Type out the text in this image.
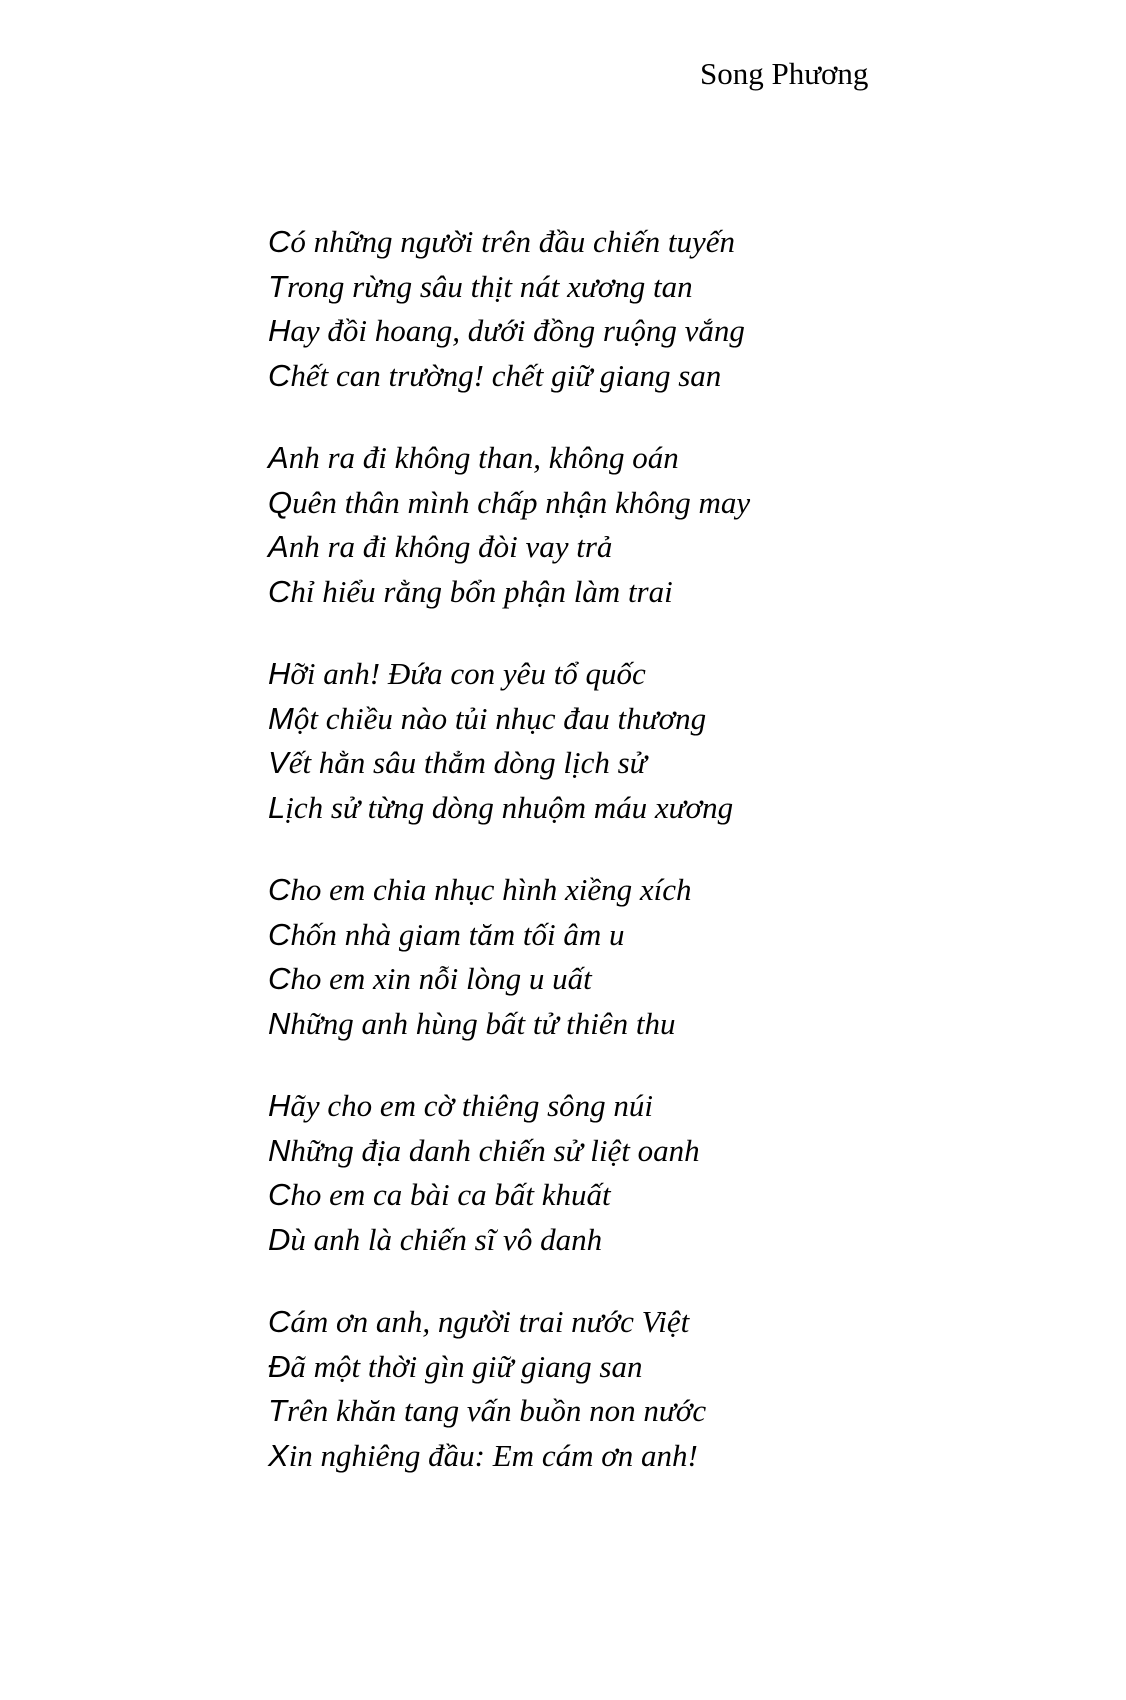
Song Phương
Có những người trên đầu chiến tuyến
Trong rừng sâu thịt nát xương tan
Hay đồi hoang, dưới đồng ruộng vắng
Chết can trường! chết giữ giang san
Anh ra đi không than, không oán
Quên thân mình chấp nhận không may
Anh ra đi không đòi vay trả
Chỉ hiểu rằng bổn phận làm trai
Hỡi anh! Đứa con yêu tổ quốc
Một chiều nào tủi nhục đau thương
Vết hằn sâu thẳm dòng lịch sử
Lịch sử từng dòng nhuộm máu xương
Cho em chia nhục hình xiềng xích
Chốn nhà giam tăm tối âm u
Cho em xin nỗi lòng u uất
Những anh hùng bất tử thiên thu
Hãy cho em cờ thiêng sông núi
Những địa danh chiến sử liệt oanh
Cho em ca bài ca bất khuất
Dù anh là chiến sĩ vô danh
Cám ơn anh, người trai nước Việt
Đã một thời gìn giữ giang san
Trên khăn tang vấn buồn non nước
Xin nghiêng đầu: Em cám ơn anh!
